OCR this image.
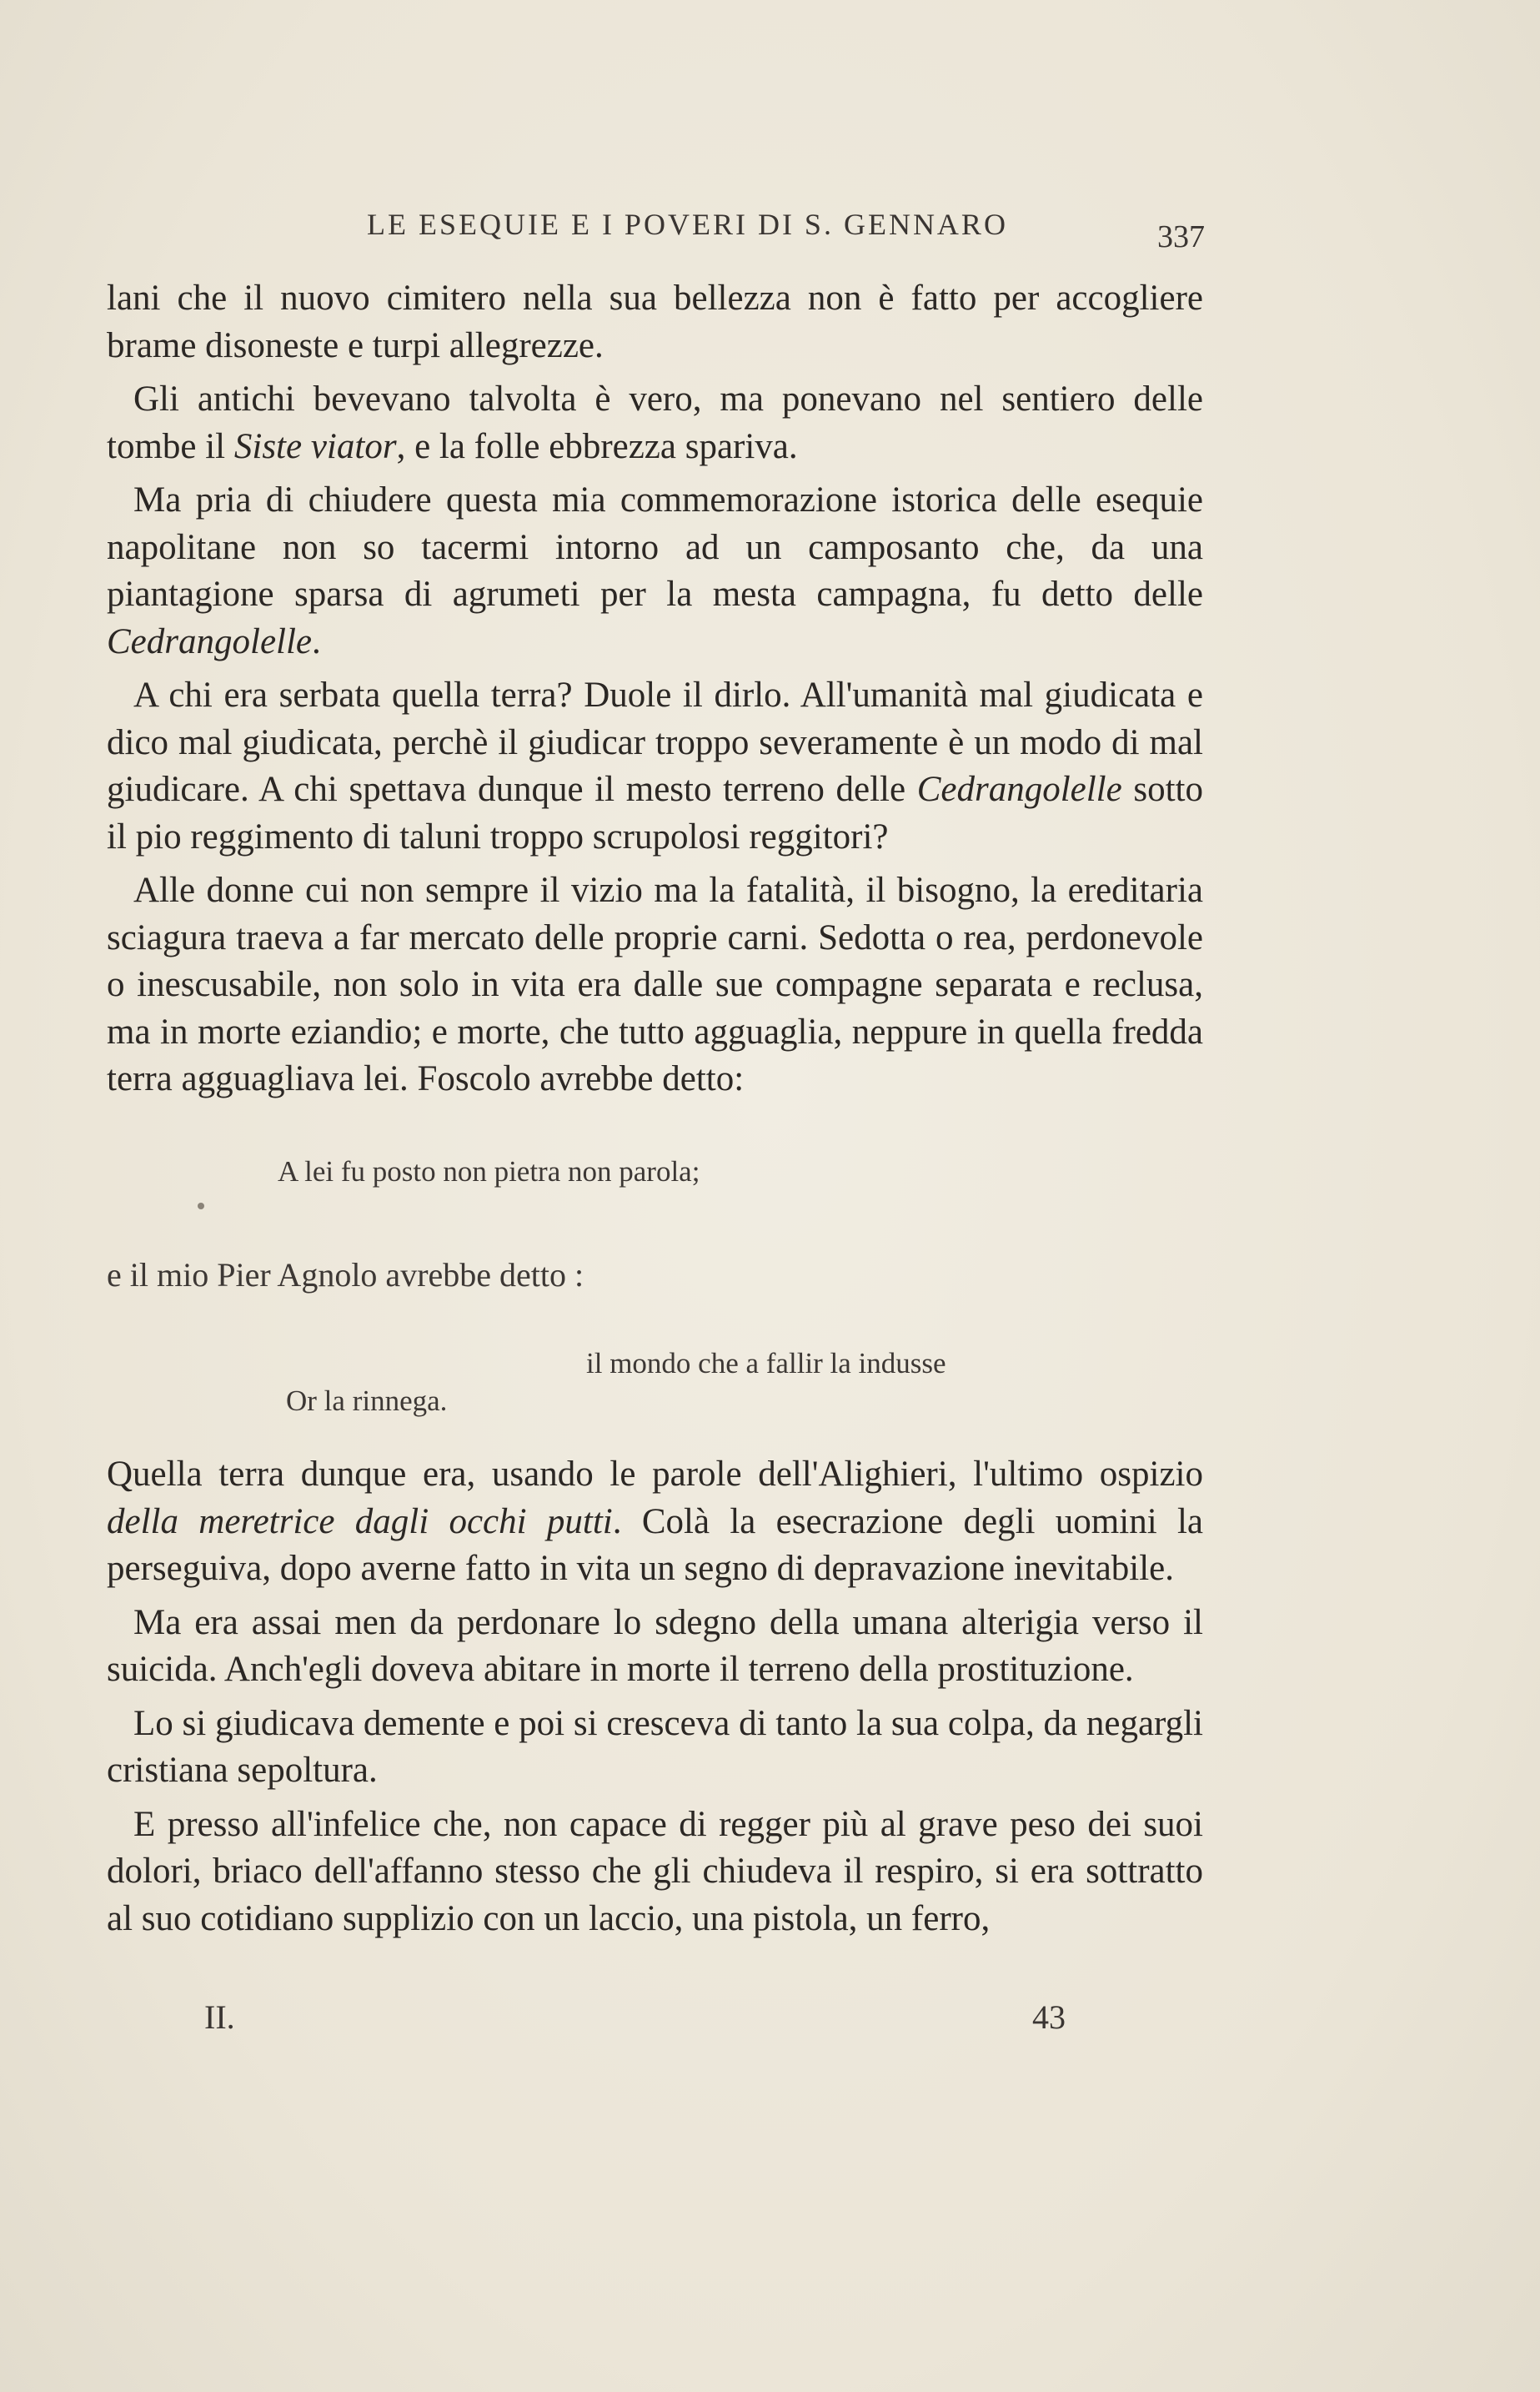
LE ESEQUIE E I POVERI DI S. GENNARO	337

lani che il nuovo cimitero nella sua bellezza non è fatto per accogliere brame disoneste e turpi allegrezze.

Gli antichi bevevano talvolta è vero, ma ponevano nel sentiero delle tombe il Siste viator, e la folle ebbrezza spariva.

Ma pria di chiudere questa mia commemorazione istorica delle esequie napolitane non so tacermi intorno ad un camposanto che, da una piantagione sparsa di agrumeti per la mesta campagna, fu detto delle Cedrangolelle.

A chi era serbata quella terra? Duole il dirlo. All'umanità mal giudicata e dico mal giudicata, perchè il giudicar troppo severamente è un modo di mal giudicare. A chi spettava dunque il mesto terreno delle Cedrangolelle sotto il pio reggimento di taluni troppo scrupolosi reggitori?

Alle donne cui non sempre il vizio ma la fatalità, il bisogno, la ereditaria sciagura traeva a far mercato delle proprie carni. Sedotta o rea, perdonevole o inescusabile, non solo in vita era dalle sue compagne separata e reclusa, ma in morte eziandio; e morte, che tutto agguaglia, neppure in quella fredda terra agguagliava lei. Foscolo avrebbe detto:

A lei fu posto non pietra non parola;
e il mio Pier Agnolo avrebbe detto :
il mondo che a fallir la indusse
Or la rinnega.

Quella terra dunque era, usando le parole dell'Alighieri, l'ultimo ospizio della meretrice dagli occhi putti. Colà la esecrazione degli uomini la perseguiva, dopo averne fatto in vita un segno di depravazione inevitabile.

Ma era assai men da perdonare lo sdegno della umana alterigia verso il suicida. Anch'egli doveva abitare in morte il terreno della prostituzione.

Lo si giudicava demente e poi si cresceva di tanto la sua colpa, da negargli cristiana sepoltura.

E presso all'infelice che, non capace di regger più al grave peso dei suoi dolori, briaco dell'affanno stesso che gli chiudeva il respiro, si era sottratto al suo cotidiano supplizio con un laccio, una pistola, un ferro,

II.	43
